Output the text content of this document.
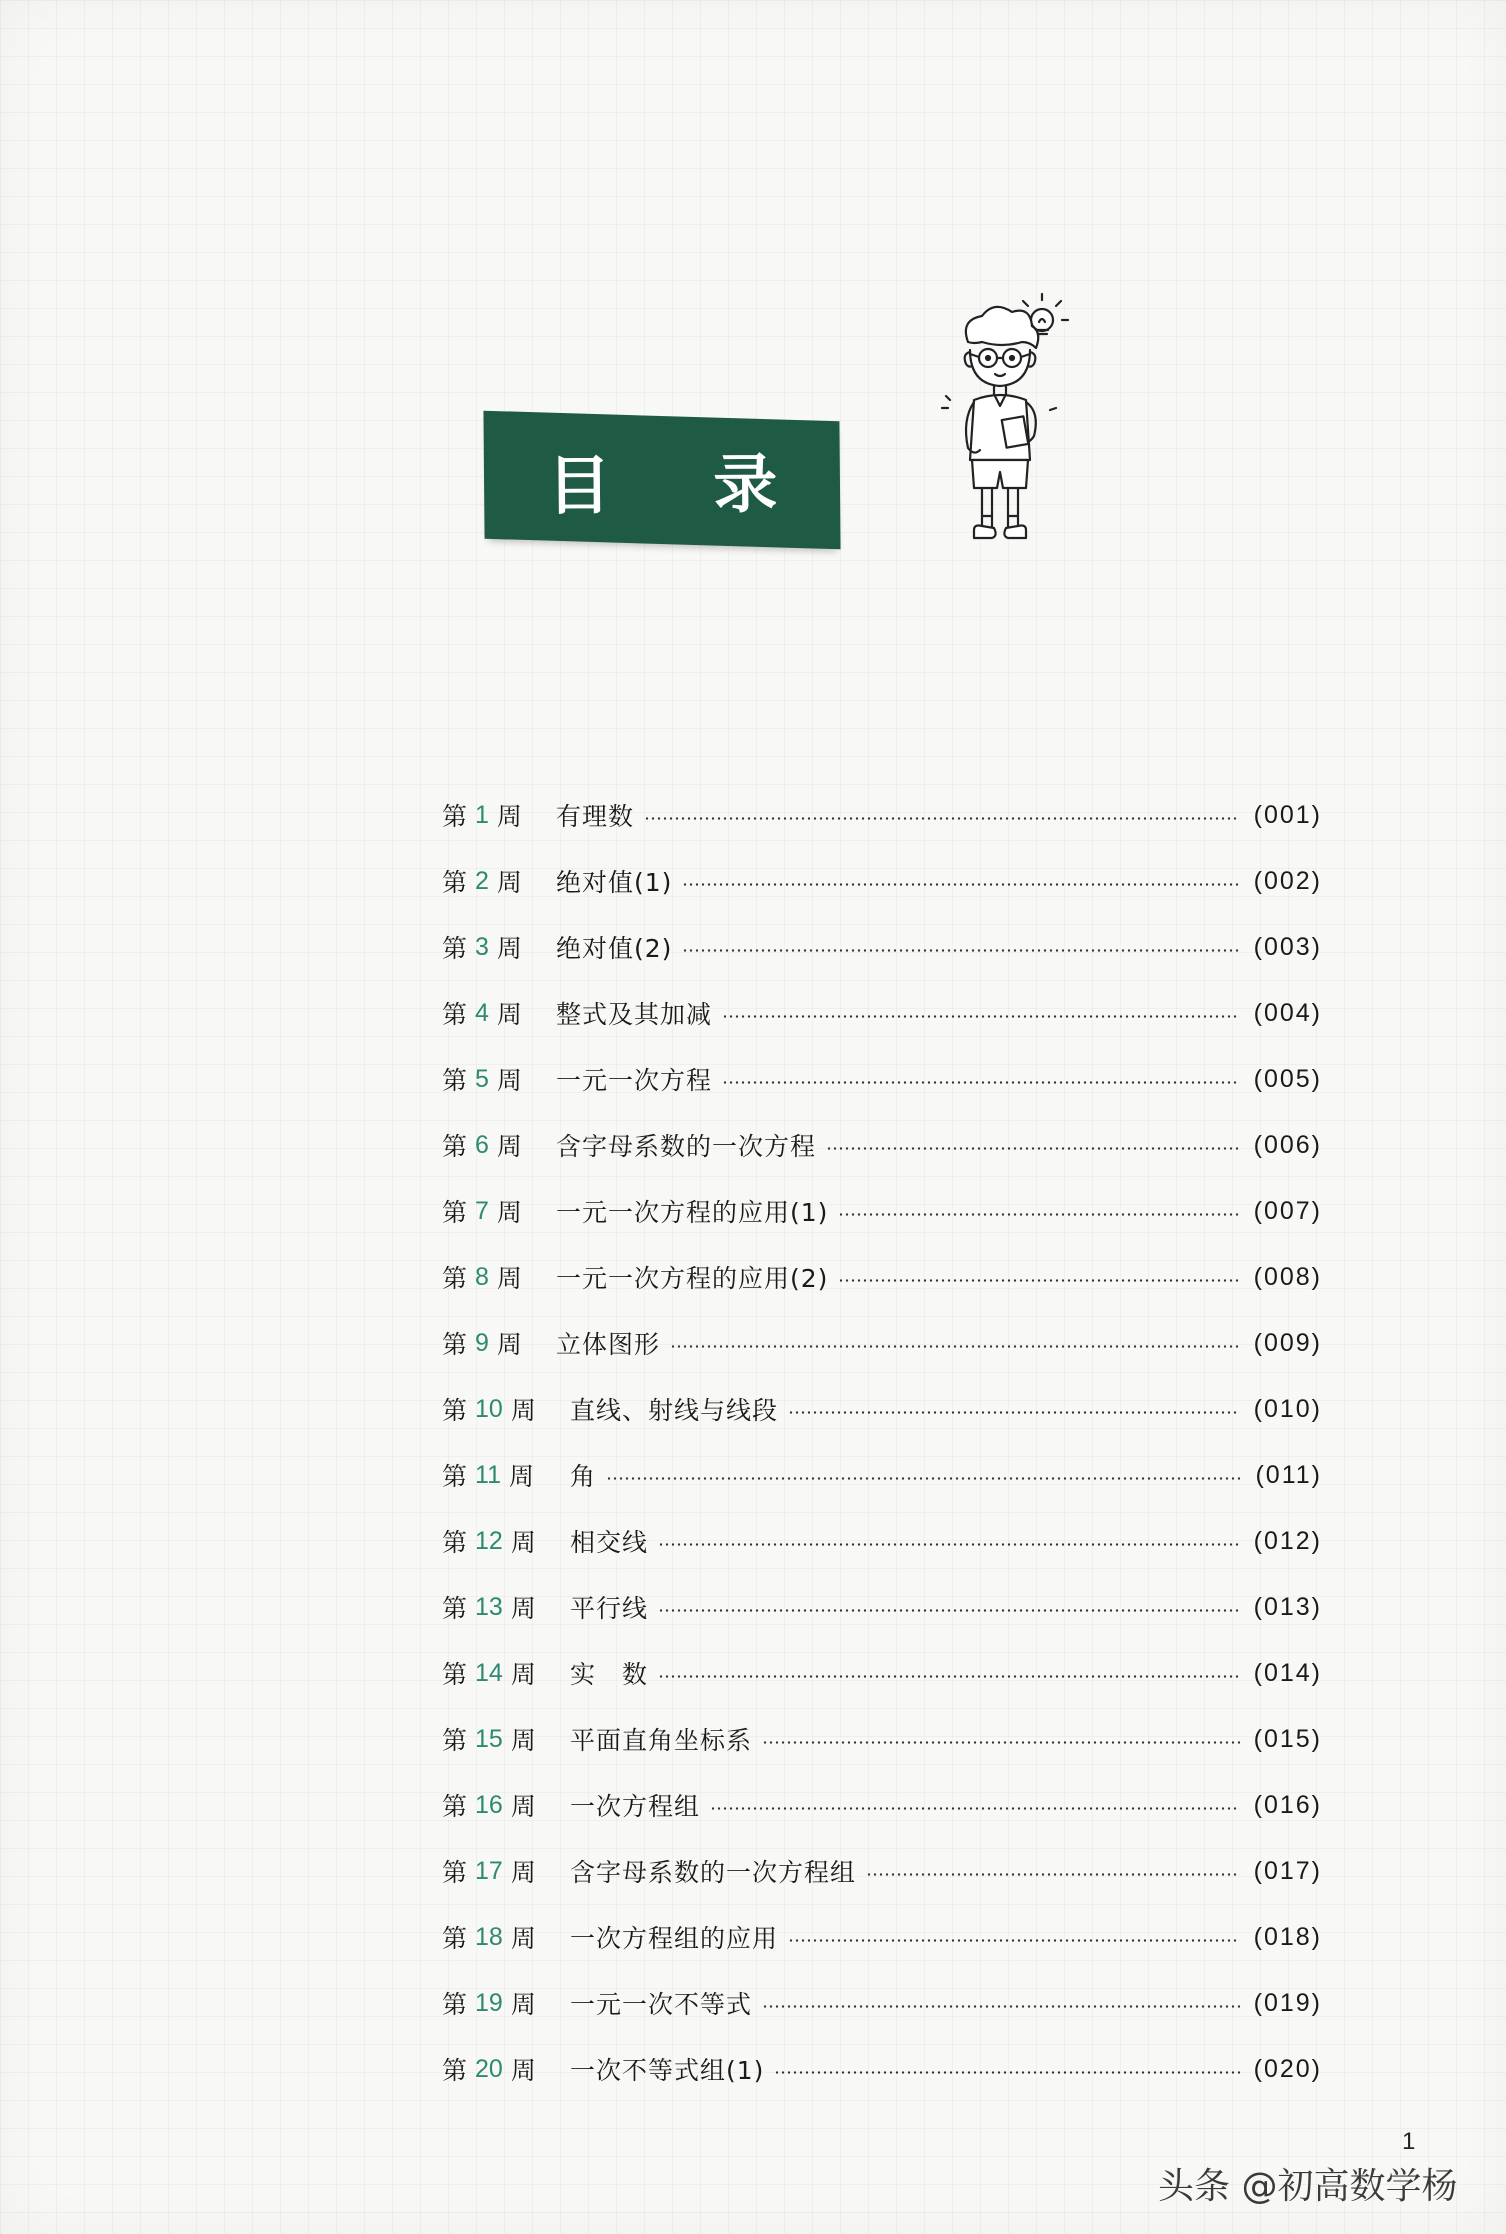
目 录
第 1 周 有理数	(001)
第 2 周 绝对值(1)	(002)
第 3 周 绝对值(2)	(003)
第 4 周 整式及其加减	(004)
第 5 周 一元一次方程	(005)
第 6 周 含字母系数的一次方程	(006)
第 7 周 一元一次方程的应用(1)	(007)
第 8 周 一元一次方程的应用(2)	(008)
第 9 周 立体图形	(009)
第 10 周 直线、射线与线段	(010)
第 11 周 角	(011)
第 12 周 相交线	(012)
第 13 周 平行线	(013)
第 14 周 实　数	(014)
第 15 周 平面直角坐标系	(015)
第 16 周 一次方程组	(016)
第 17 周 含字母系数的一次方程组	(017)
第 18 周 一次方程组的应用	(018)
第 19 周 一元一次不等式	(019)
第 20 周 一次不等式组(1)	(020)
1
头条 @初高数学杨
